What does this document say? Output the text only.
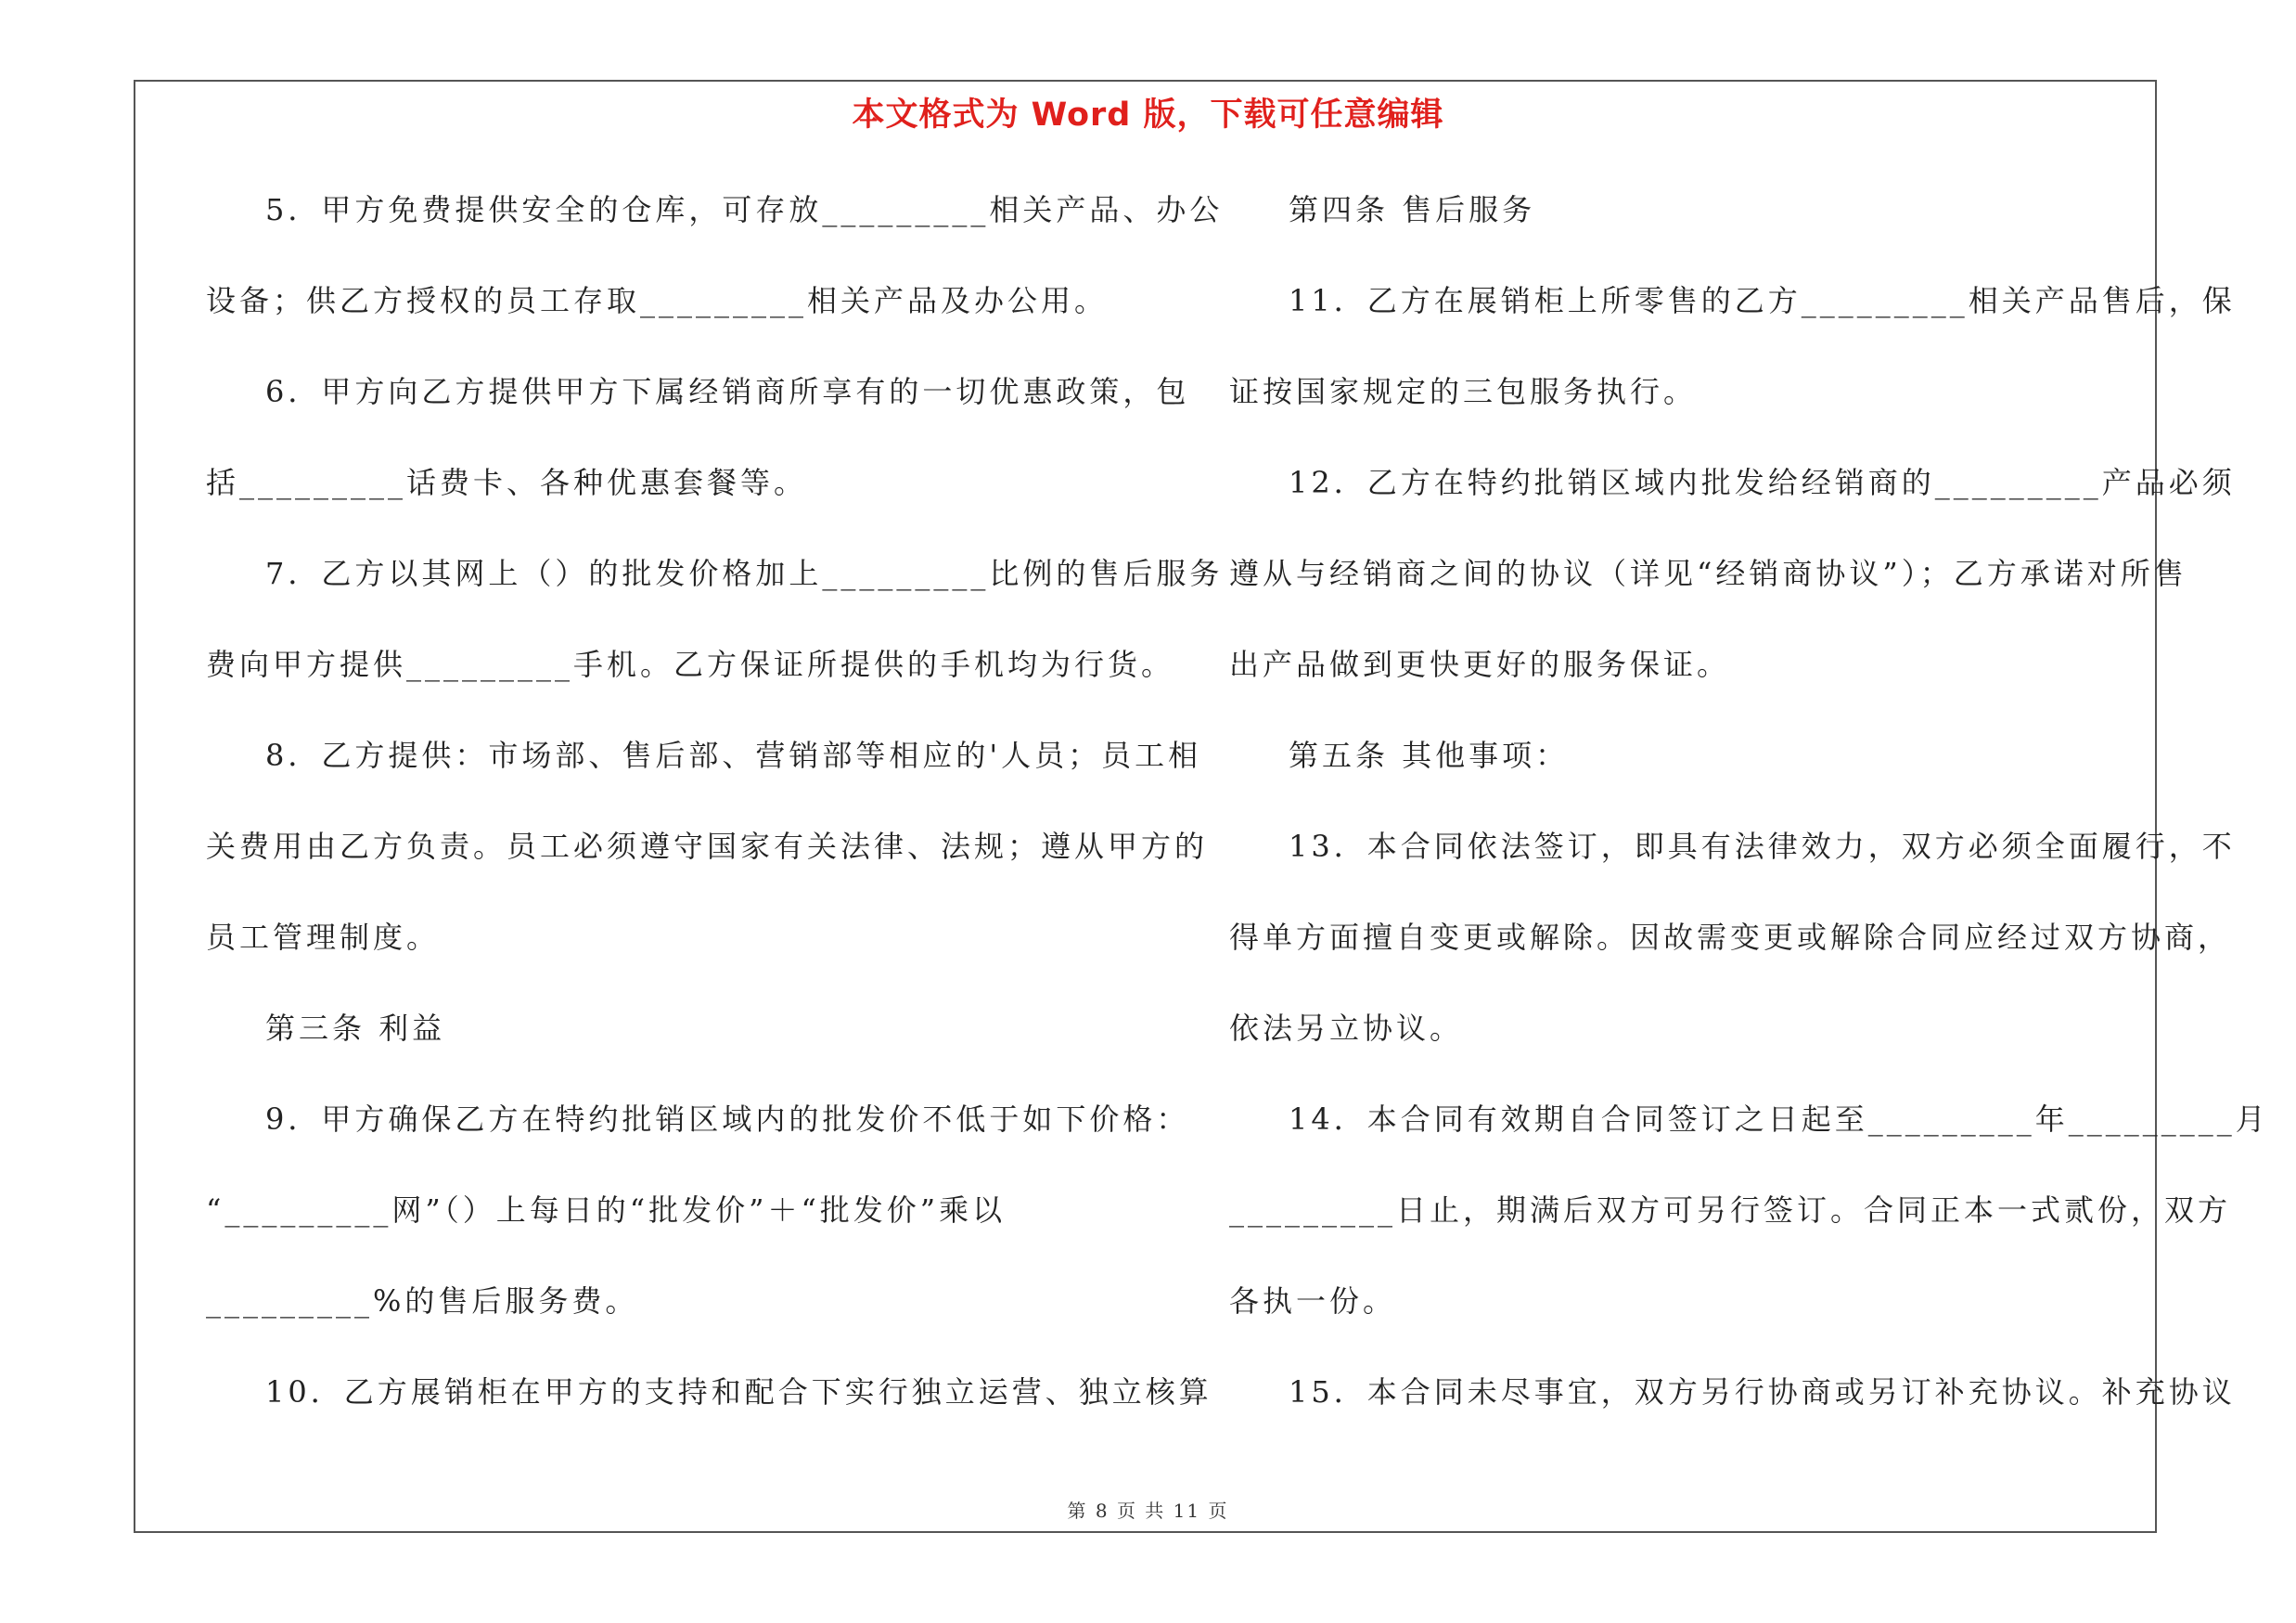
本文格式为 Word 版，下载可任意编辑
5．甲方免费提供安全的仓库，可存放_________相关产品、办公
设备；供乙方授权的员工存取_________相关产品及办公用。
6．甲方向乙方提供甲方下属经销商所享有的一切优惠政策，包
括_________话费卡、各种优惠套餐等。
7．乙方以其网上（）的批发价格加上_________比例的售后服务
费向甲方提供_________手机。乙方保证所提供的手机均为行货。
8．乙方提供：市场部、售后部、营销部等相应的'人员；员工相
关费用由乙方负责。员工必须遵守国家有关法律、法规；遵从甲方的
员工管理制度。
第三条 利益
9．甲方确保乙方在特约批销区域内的批发价不低于如下价格：
“_________网”（）上每日的“批发价”＋“批发价”乘以
_________%的售后服务费。
10．乙方展销柜在甲方的支持和配合下实行独立运营、独立核算
第四条 售后服务
11．乙方在展销柜上所零售的乙方_________相关产品售后，保
证按国家规定的三包服务执行。
12．乙方在特约批销区域内批发给经销商的_________产品必须
遵从与经销商之间的协议（详见“经销商协议”）；乙方承诺对所售
出产品做到更快更好的服务保证。
第五条 其他事项：
13．本合同依法签订，即具有法律效力，双方必须全面履行，不
得单方面擅自变更或解除。因故需变更或解除合同应经过双方协商，
依法另立协议。
14．本合同有效期自合同签订之日起至_________年_________月
_________日止，期满后双方可另行签订。合同正本一式贰份，双方
各执一份。
15．本合同未尽事宜，双方另行协商或另订补充协议。补充协议
第 8 页 共 11 页
